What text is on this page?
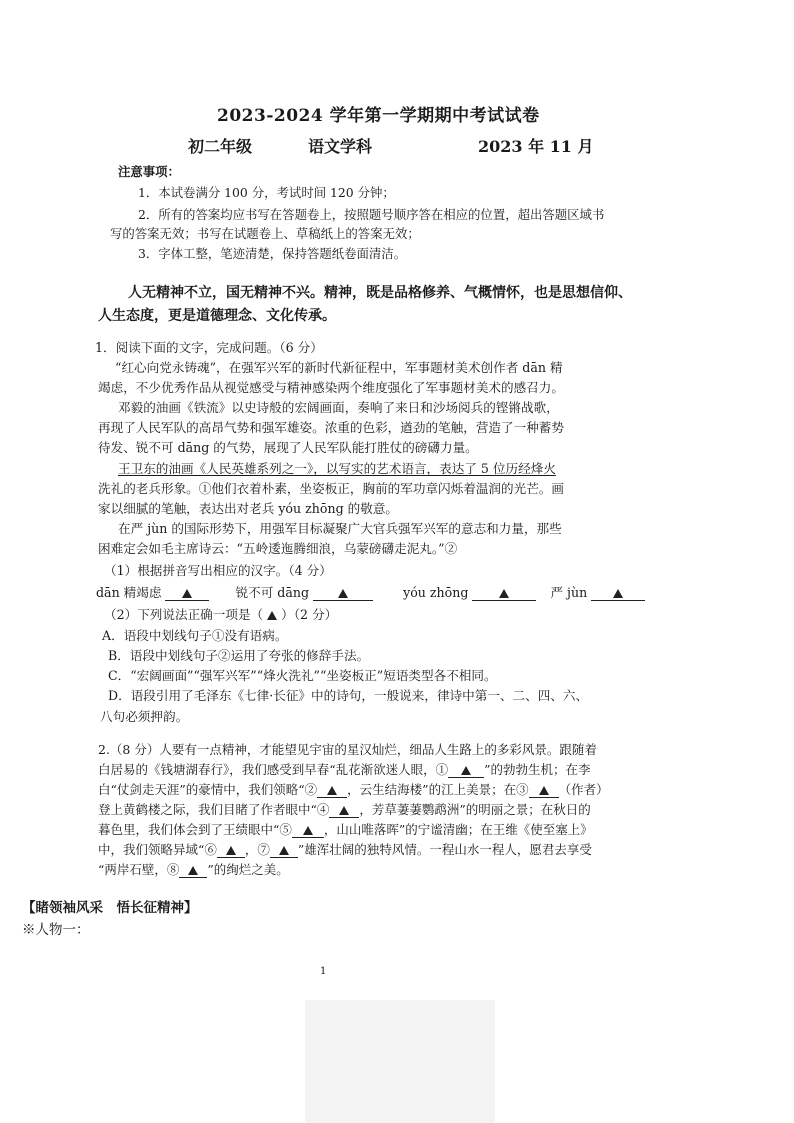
2023-2024 学年第一学期期中考试试卷
初二年级	语文学科	2023 年 11 月
注意事项：
1．本试卷满分 100 分，考试时间 120 分钟；
2．所有的答案均应书写在答题卷上，按照题号顺序答在相应的位置，超出答题区域书
写的答案无效；书写在试题卷上、草稿纸上的答案无效；
3．字体工整，笔迹清楚，保持答题纸卷面清洁。
人无精神不立，国无精神不兴。精神，既是品格修养、气概情怀，也是思想信仰、
人生态度，更是道德理念、文化传承。
1．阅读下面的文字，完成问题。（6 分）
“红心向党永铸魂”，在强军兴军的新时代新征程中，军事题材美术创作者 dān 精
竭虑，不少优秀作品从视觉感受与精神感染两个维度强化了军事题材美术的感召力。
邓毅的油画《铁流》以史诗般的宏阔画面，奏响了来日和沙场阅兵的铿锵战歌，
再现了人民军队的高昂气势和强军雄姿。浓重的色彩，遒劲的笔触，营造了一种蓄势
待发、锐不可 dāng 的气势，展现了人民军队能打胜仗的磅礴力量。
王卫东的油画《人民英雄系列之一》，以写实的艺术语言，表达了 5 位历经烽火
洗礼的老兵形象。①他们衣着朴素，坐姿板正，胸前的军功章闪烁着温润的光芒。画
家以细腻的笔触，表达出对老兵 yóu zhōng 的敬意。
在严 jùn 的国际形势下，用强军目标凝聚广大官兵强军兴军的意志和力量，那些
困难定会如毛主席诗云：“五岭逶迤腾细浪，乌蒙磅礴走泥丸。”②
（1）根据拼音写出相应的汉字。（4 分）
dān 精竭虑	锐不可 dāng	yóu zhōng	严 jùn
（2）下列说法正确一项是（ ）（2 分）
A．语段中划线句子①没有语病。
B．语段中划线句子②运用了夸张的修辞手法。
C．“宏阔画面”“强军兴军”“烽火洗礼”“坐姿板正”短语类型各不相同。
D．语段引用了毛泽东《七律·长征》中的诗句，一般说来，律诗中第一、二、四、六、
八句必须押韵。
2.（8 分）人要有一点精神，才能望见宇宙的星汉灿烂，细品人生路上的多彩风景。跟随着
白居易的《钱塘湖春行》，我们感受到早春“乱花渐欲迷人眼，①	”的勃勃生机；在李
白“仗剑走天涯”的豪情中，我们领略“② ，云生结海楼”的江上美景；在③ （作者）
登上黄鹤楼之际，我们目睹了作者眼中“④ ，芳草萋萋鹦鹉洲”的明丽之景；在秋日的
暮色里，我们体会到了王绩眼中“⑤	，山山唯落晖”的宁谧清幽；在王维《使至塞上》
中，我们领略异域“⑥ ，⑦ ”雄浑壮阔的独特风情。一程山水一程人，愿君去享受
“两岸石壁，⑧ ”的绚烂之美。
【睹领袖风采　悟长征精神】
※人物一：
1
